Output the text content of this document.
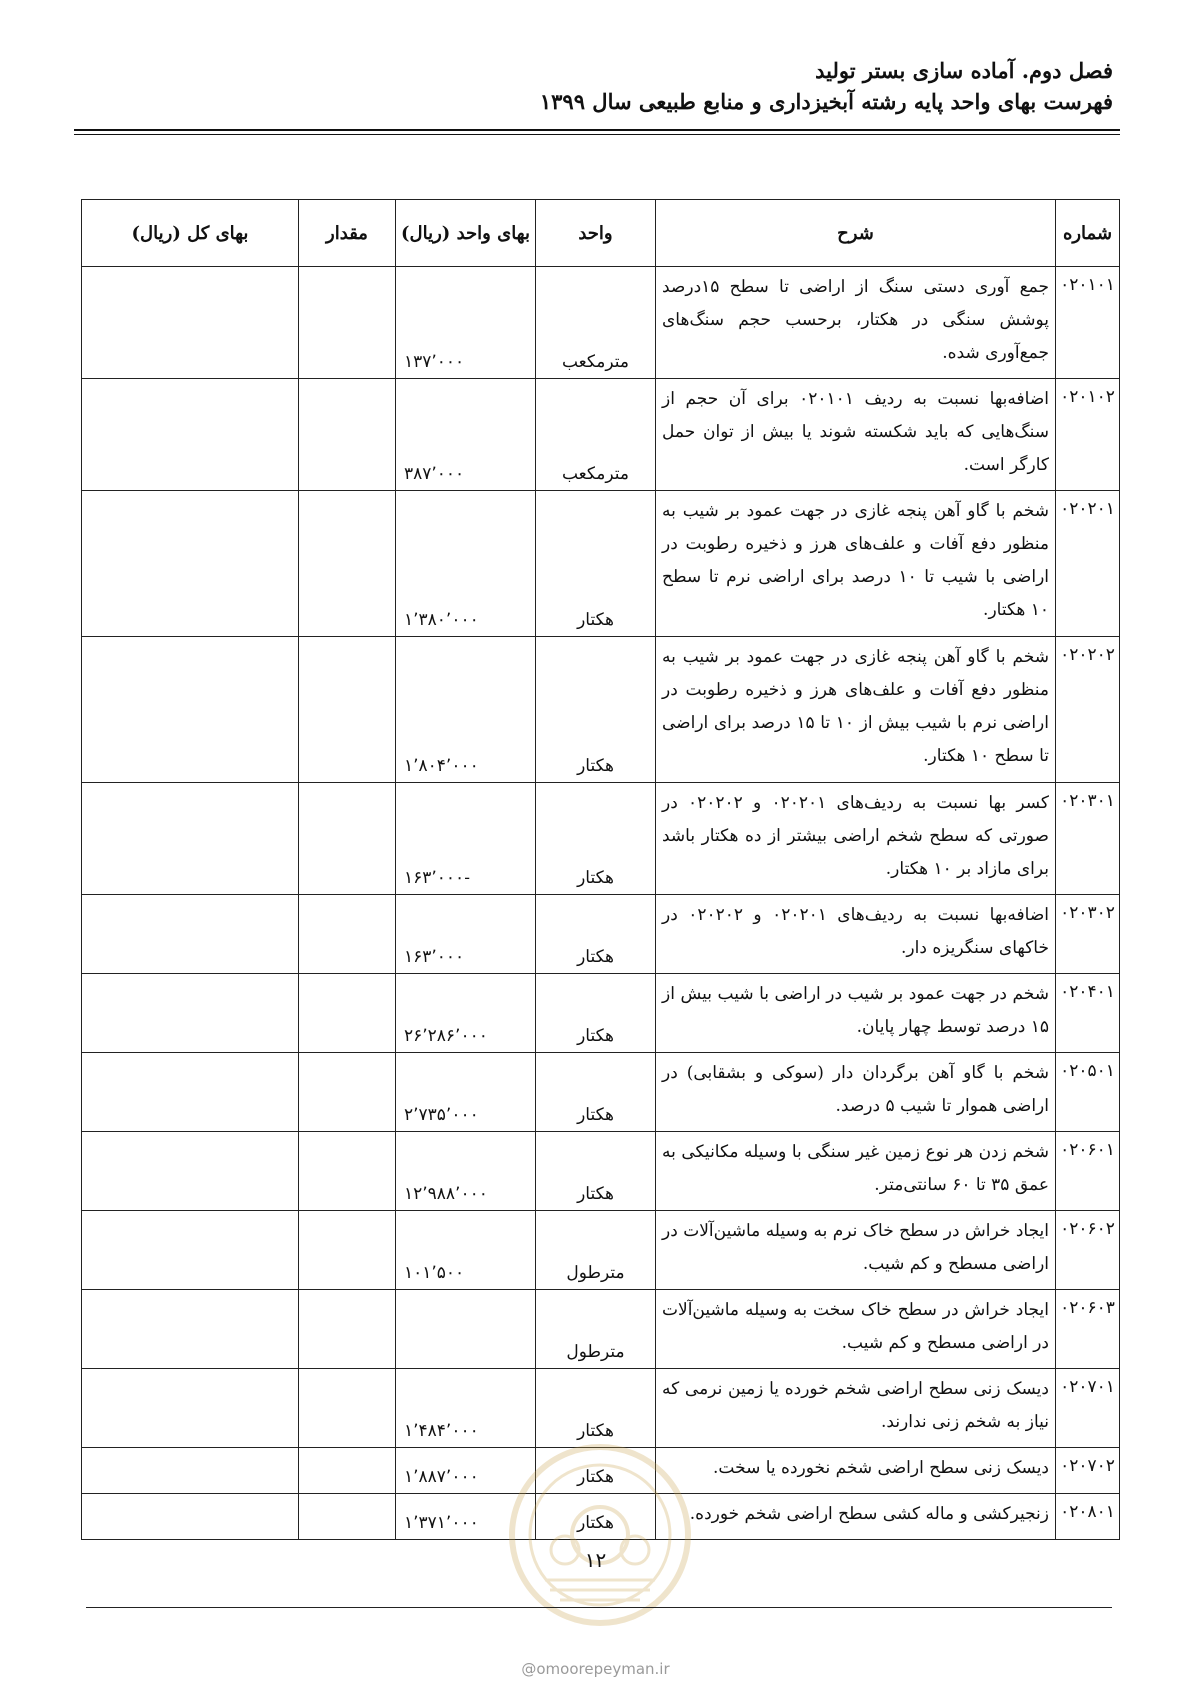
فصل دوم. آماده سازی بستر تولید
فهرست بهای واحد پایه رشته آبخیزداری و منابع طبیعی سال ۱۳۹۹
شماره	شرح	واحد	بهای واحد (ریال)	مقدار	بهای کل (ریال)
۰۲۰۱۰۱	جمع آوری دستی سنگ از اراضی تا سطح ۱۵درصد پوشش سنگی در هکتار، برحسب حجم سنگ‌های جمع‌آوری شده.	مترمکعب	۱۳۷٬۰۰۰		
۰۲۰۱۰۲	اضافه‌بها نسبت به ردیف ۰۲۰۱۰۱ برای آن حجم از سنگ‌هایی که باید شکسته شوند یا بیش از توان حمل کارگر است.	مترمکعب	۳۸۷٬۰۰۰		
۰۲۰۲۰۱	شخم با گاو آهن پنجه غازی در جهت عمود بر شیب به منظور دفع آفات و علف‌های هرز و ذخیره رطوبت در اراضی با شیب تا ۱۰ درصد برای اراضی نرم تا سطح ۱۰ هکتار.	هکتار	۱٬۳۸۰٬۰۰۰		
۰۲۰۲۰۲	شخم با گاو آهن پنجه غازی در جهت عمود بر شیب به منظور دفع آفات و علف‌های هرز و ذخیره رطوبت در اراضی نرم با شیب بیش از ۱۰ تا ۱۵ درصد برای اراضی تا سطح ۱۰ هکتار.	هکتار	۱٬۸۰۴٬۰۰۰		
۰۲۰۳۰۱	کسر بها نسبت به ردیف‌های ۰۲۰۲۰۱ و ۰۲۰۲۰۲ در صورتی که سطح شخم اراضی بیشتر از ده هکتار باشد برای مازاد بر ۱۰ هکتار.	هکتار	-۱۶۳٬۰۰۰		
۰۲۰۳۰۲	اضافه‌بها نسبت به ردیف‌های ۰۲۰۲۰۱ و ۰۲۰۲۰۲ در خاکهای سنگریزه دار.	هکتار	۱۶۳٬۰۰۰		
۰۲۰۴۰۱	شخم در جهت عمود بر شیب در اراضی با شیب بیش از ۱۵ درصد توسط چهار پایان.	هکتار	۲۶٬۲۸۶٬۰۰۰		
۰۲۰۵۰۱	شخم با گاو آهن برگردان دار (سوکی و بشقابی) در اراضی هموار تا شیب ۵ درصد.	هکتار	۲٬۷۳۵٬۰۰۰		
۰۲۰۶۰۱	شخم زدن هر نوع زمین غیر سنگی با وسیله مکانیکی به عمق ۳۵ تا ۶۰ سانتی‌متر.	هکتار	۱۲٬۹۸۸٬۰۰۰		
۰۲۰۶۰۲	ایجاد خراش در سطح خاک نرم به وسیله ماشین‌آلات در اراضی مسطح و کم شیب.	مترطول	۱۰۱٬۵۰۰		
۰۲۰۶۰۳	ایجاد خراش در سطح خاک سخت به وسیله ماشین‌آلات در اراضی مسطح و کم شیب.	مترطول			
۰۲۰۷۰۱	دیسک زنی سطح اراضی شخم خورده یا زمین نرمی که نیاز به شخم زنی ندارند.	هکتار	۱٬۴۸۴٬۰۰۰		
۰۲۰۷۰۲	دیسک زنی سطح اراضی شخم نخورده یا سخت.	هکتار	۱٬۸۸۷٬۰۰۰		
۰۲۰۸۰۱	زنجیرکشی و ماله کشی سطح اراضی شخم خورده.	هکتار	۱٬۳۷۱٬۰۰۰		
۱۲
@omoorepeyman.ir
